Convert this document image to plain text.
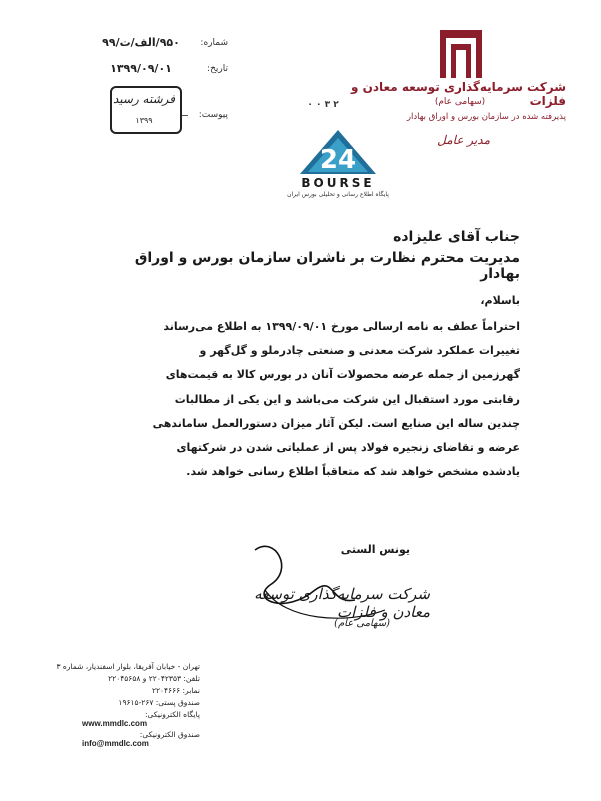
شرکت سرمایه‌گذاری توسعه معادن و فلزات
(سهامی عام)
پذیرفته شده در سازمان بورس و اوراق بهادار
مدیر عامل
شماره:
۹۵۰/الف/ت/۹۹
تاریخ:
۱۳۹۹/۰۹/۰۱
پیوست:
فرشته رسید
۱۳۹۹
۰ ۰ ۳ ۲
24
BOURSE
پایگاه اطلاع رسانی و تحلیلی بورس ایران
جناب آقای علیزاده
مدیریت محترم نظارت بر ناشران سازمان بورس و اوراق بهادار
باسلام،
احتراماً عطف به نامه ارسالی مورخ ۱۳۹۹/۰۹/۰۱ به اطلاع می‌رساند
تغییرات عملکرد شرکت معدنی و صنعتی چادرملو و گل‌گهر و
گهرزمین از جمله عرضه محصولات آنان در بورس کالا به قیمت‌های
رقابتی مورد استقبال این شرکت می‌باشد و این یکی از مطالبات
چندین ساله این صنایع است. لیکن آثار میزان دستورالعمل ساماندهی
عرضه و تقاضای زنجیره فولاد پس از عملیاتی شدن در شرکتهای
یادشده مشخص خواهد شد که متعاقباً اطلاع رسانی خواهد شد.
یونس الستی
شرکت سرمایه‌گذاری توسعه معادن و فلزات
(سهامی عام)
تهران - خیابان آفریقا، بلوار اسفندیار، شماره ۳
تلفن: ۲۲۰۴۲۳۵۳ و ۲۲۰۴۵۶۵۸
نمابر: ۲۲۰۴۶۶۶
صندوق پستی: ۲۶۷-۱۹۶۱۵
پایگاه الکترونیکی:
www.mmdlc.com
صندوق الکترونیکی:
info@mmdlc.com
